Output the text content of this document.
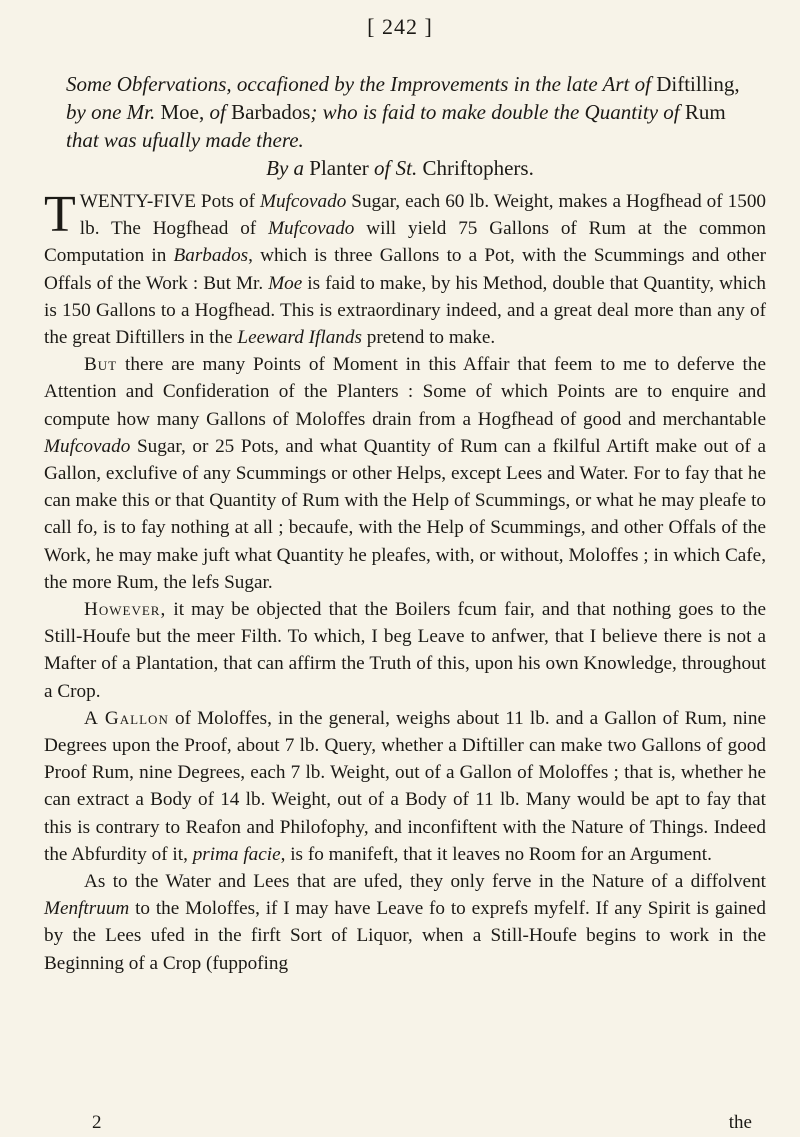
[ 242 ]
Some Obfervations, occafioned by the Improvements in the late Art of Diftilling, by one Mr. Moe, of Barbados; who is faid to make double the Quantity of Rum that was ufually made there.
By a Planter of St. Chriftophers.

TWENTY-FIVE Pots of Mufcovado Sugar, each 60 lb. Weight, makes a Hogfhead of 1500 lb. The Hogfhead of Mufcovado will yield 75 Gallons of Rum at the common Computation in Barbados, which is three Gallons to a Pot, with the Scummings and other Offals of the Work : But Mr. Moe is faid to make, by his Method, double that Quantity, which is 150 Gallons to a Hogfhead. This is extraordinary indeed, and a great deal more than any of the great Diftillers in the Leeward Iflands pretend to make.

But there are many Points of Moment in this Affair that feem to me to deferve the Attention and Confideration of the Planters : Some of which Points are to enquire and compute how many Gallons of Moloffes drain from a Hogfhead of good and merchantable Mufcovado Sugar, or 25 Pots, and what Quantity of Rum can a fkilful Artift make out of a Gallon, exclufive of any Scummings or other Helps, except Lees and Water. For to fay that he can make this or that Quantity of Rum with the Help of Scummings, or what he may pleafe to call fo, is to fay nothing at all ; becaufe, with the Help of Scummings, and other Offals of the Work, he may make juft what Quantity he pleafes, with, or without, Moloffes ; in which Cafe, the more Rum, the lefs Sugar.

However, it may be objected that the Boilers fcum fair, and that nothing goes to the Still-Houfe but the meer Filth. To which, I beg Leave to anfwer, that I believe there is not a Mafter of a Plantation, that can affirm the Truth of this, upon his own Knowledge, throughout a Crop.

A Gallon of Moloffes, in the general, weighs about 11 lb. and a Gallon of Rum, nine Degrees upon the Proof, about 7 lb. Query, whether a Diftiller can make two Gallons of good Proof Rum, nine Degrees, each 7 lb. Weight, out of a Gallon of Moloffes ; that is, whether he can extract a Body of 14 lb. Weight, out of a Body of 11 lb. Many would be apt to fay that this is contrary to Reafon and Philofophy, and inconfiftent with the Nature of Things. Indeed the Abfurdity of it, prima facie, is fo manifeft, that it leaves no Room for an Argument.

As to the Water and Lees that are ufed, they only ferve in the Nature of a diffolvent Menftruum to the Moloffes, if I may have Leave fo to exprefs myfelf. If any Spirit is gained by the Lees ufed in the firft Sort of Liquor, when a Still-Houfe begins to work in the Beginning of a Crop (fuppofing

2	the
